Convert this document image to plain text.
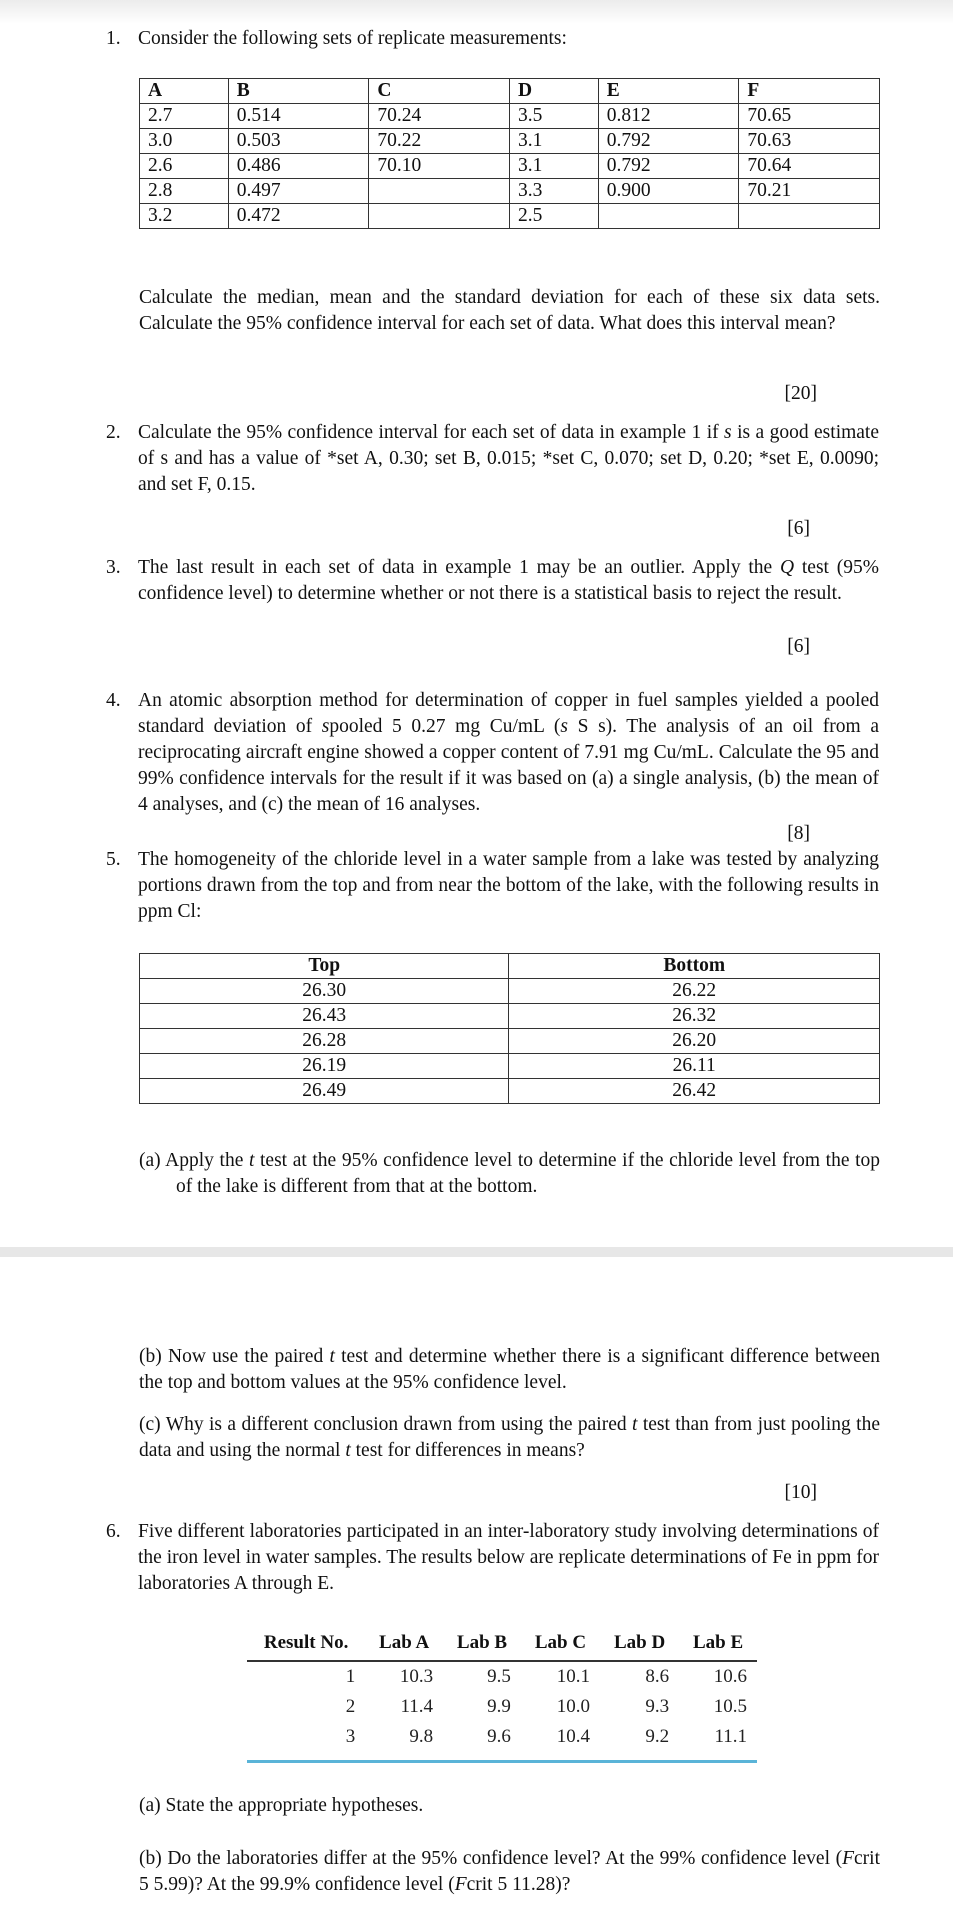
1. Consider the following sets of replicate measurements:
A	B	C	D	E	F
2.7	0.514	70.24	3.5	0.812	70.65
3.0	0.503	70.22	3.1	0.792	70.63
2.6	0.486	70.10	3.1	0.792	70.64
2.8	0.497		3.3	0.900	70.21
3.2	0.472		2.5		
Calculate the median, mean and the standard deviation for each of these six data sets. Calculate the 95% confidence interval for each set of data. What does this interval mean?
[20]
2. Calculate the 95% confidence interval for each set of data in example 1 if s is a good estimate of s and has a value of *set A, 0.30; set B, 0.015; *set C, 0.070; set D, 0.20; *set E, 0.0090; and set F, 0.15.
[6]
3. The last result in each set of data in example 1 may be an outlier. Apply the Q test (95% confidence level) to determine whether or not there is a statistical basis to reject the result.
[6]
4. An atomic absorption method for determination of copper in fuel samples yielded a pooled standard deviation of spooled 5 0.27 mg Cu/mL (s S s). The analysis of an oil from a reciprocating aircraft engine showed a copper content of 7.91 mg Cu/mL. Calculate the 95 and 99% confidence intervals for the result if it was based on (a) a single analysis, (b) the mean of 4 analyses, and (c) the mean of 16 analyses.
[8]
5. The homogeneity of the chloride level in a water sample from a lake was tested by analyzing portions drawn from the top and from near the bottom of the lake, with the following results in ppm Cl:
Top	Bottom
26.30	26.22
26.43	26.32
26.28	26.20
26.19	26.11
26.49	26.42
(a) Apply the t test at the 95% confidence level to determine if the chloride level from the top of the lake is different from that at the bottom.
(b) Now use the paired t test and determine whether there is a significant difference between the top and bottom values at the 95% confidence level.
(c) Why is a different conclusion drawn from using the paired t test than from just pooling the data and using the normal t test for differences in means?
[10]
6. Five different laboratories participated in an inter-laboratory study involving determinations of the iron level in water samples. The results below are replicate determinations of Fe in ppm for laboratories A through E.
Result No.	Lab A	Lab B	Lab C	Lab D	Lab E
1	10.3	9.5	10.1	8.6	10.6
2	11.4	9.9	10.0	9.3	10.5
3	9.8	9.6	10.4	9.2	11.1
(a) State the appropriate hypotheses.
(b) Do the laboratories differ at the 95% confidence level? At the 99% confidence level (Fcrit 5 5.99)? At the 99.9% confidence level (Fcrit 5 11.28)?
